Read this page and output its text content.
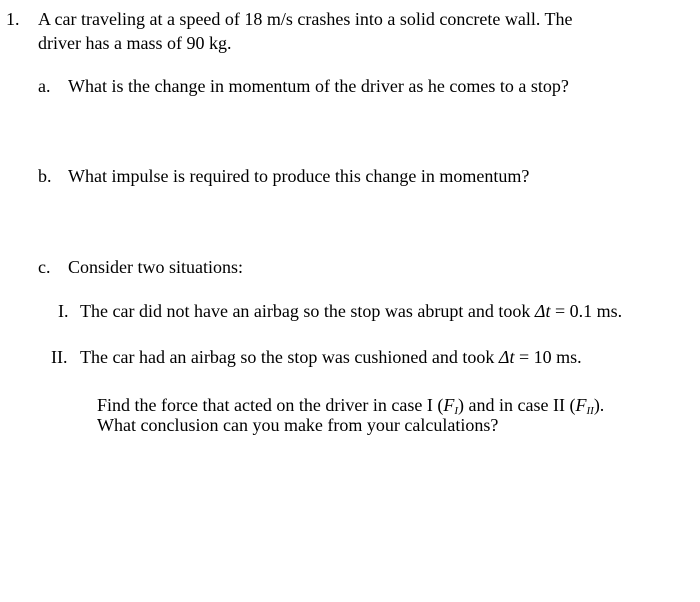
1. A car traveling at a speed of 18 m/s crashes into a solid concrete wall. The
driver has a mass of 90 kg.
a. What is the change in momentum of the driver as he comes to a stop?
b. What impulse is required to produce this change in momentum?
c. Consider two situations:
I. The car did not have an airbag so the stop was abrupt and took Δt = 0.1 ms.
II. The car had an airbag so the stop was cushioned and took Δt = 10 ms.
Find the force that acted on the driver in case I $(F_I)$ and in case II $(F_{II})$.
What conclusion can you make from your calculations?
